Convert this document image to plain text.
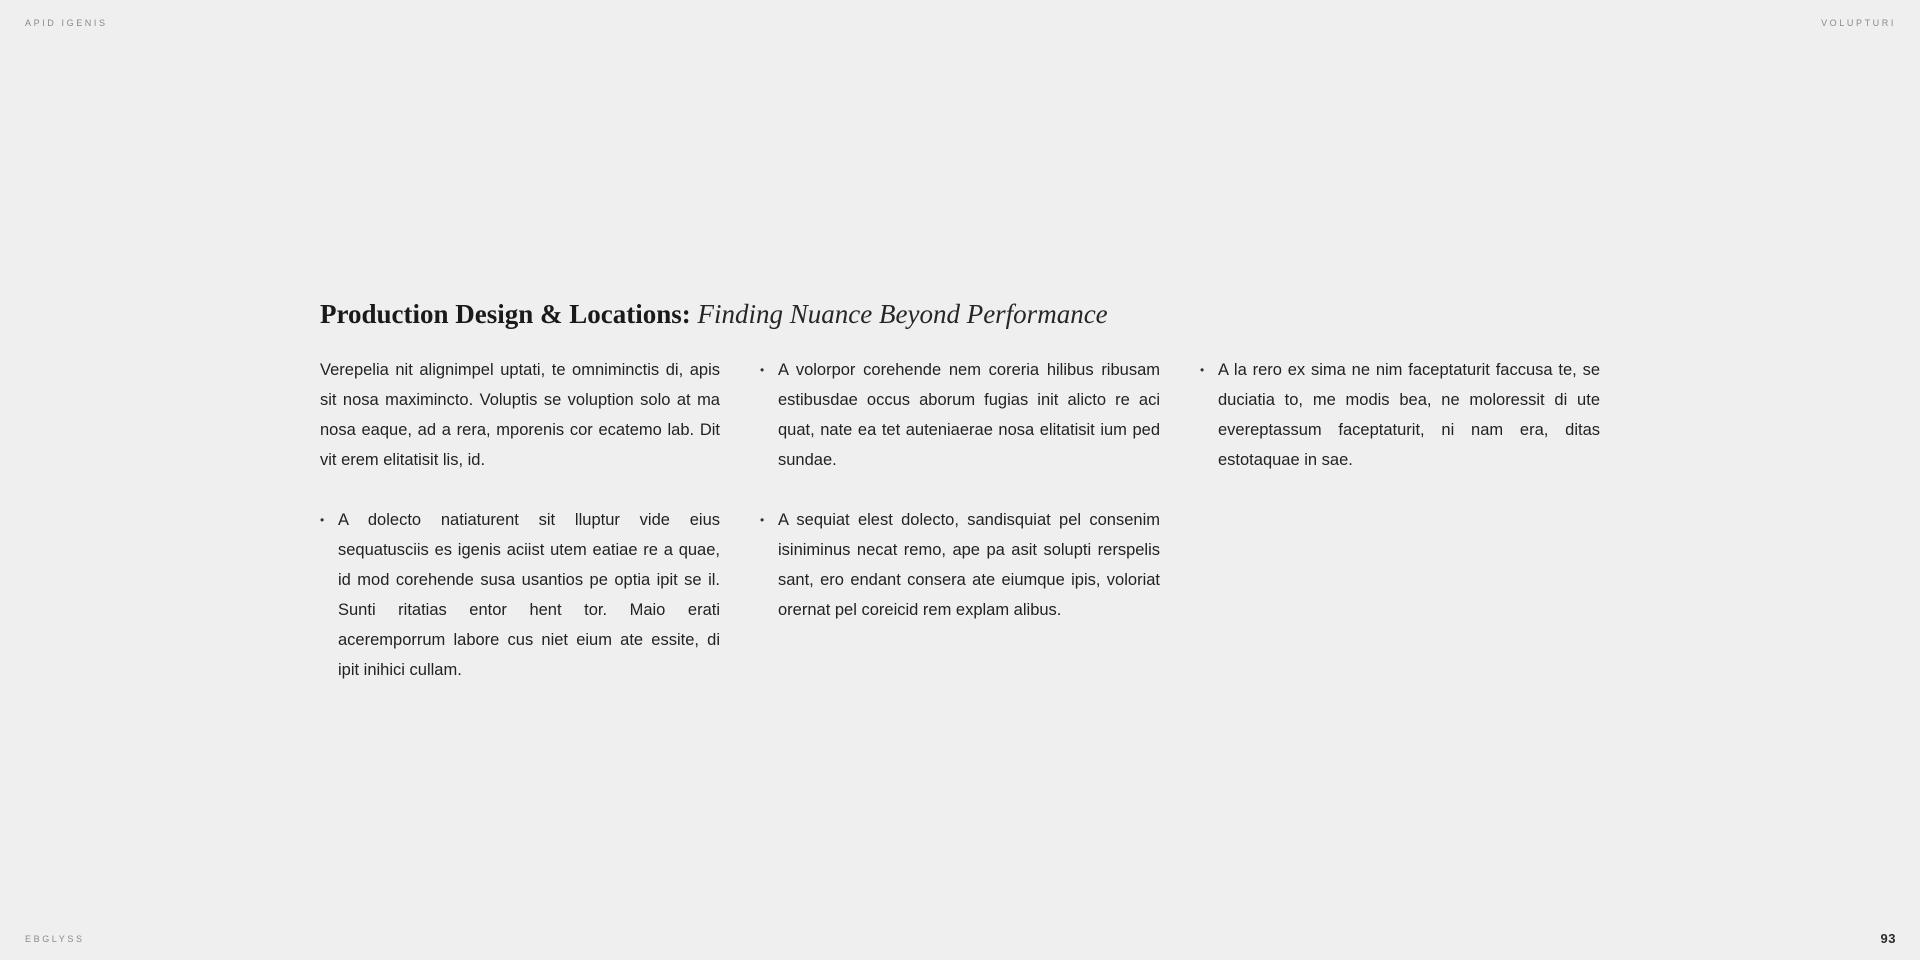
APID IGENIS	VOLUPTURI
EBGLYSS	93
Production Design & Locations: Finding Nuance Beyond Performance

Verepelia nit alignimpel uptati, te omniminctis di, apis sit nosa maximincto. Voluptis se voluption solo at ma nosa eaque, ad a rera, mporenis cor ecatemo lab. Dit vit erem elitatisit lis, id.

• A dolecto natiaturent sit lluptur vide eius sequatusciis es igenis aciist utem eatiae re a quae, id mod corehende susa usantios pe optia ipit se il. Sunti ritatias entor hent tor. Maio erati aceremporrum labore cus niet eium ate essite, di ipit inihici cullam.
• A volorpor corehende nem coreria hilibus ribusam estibusdae occus aborum fugias init alicto re aci quat, nate ea tet auteniaerae nosa elitatisit ium ped sundae.
• A sequiat elest dolecto, sandisquiat pel consenim isiniminus necat remo, ape pa asit solupti rerspelis sant, ero endant consera ate eiumque ipis, voloriat orernat pel coreicid rem explam alibus.
• A la rero ex sima ne nim faceptaturit faccusa te, se duciatia to, me modis bea, ne moloressit di ute evereptassum faceptaturit, ni nam era, ditas estotaquae in sae.
